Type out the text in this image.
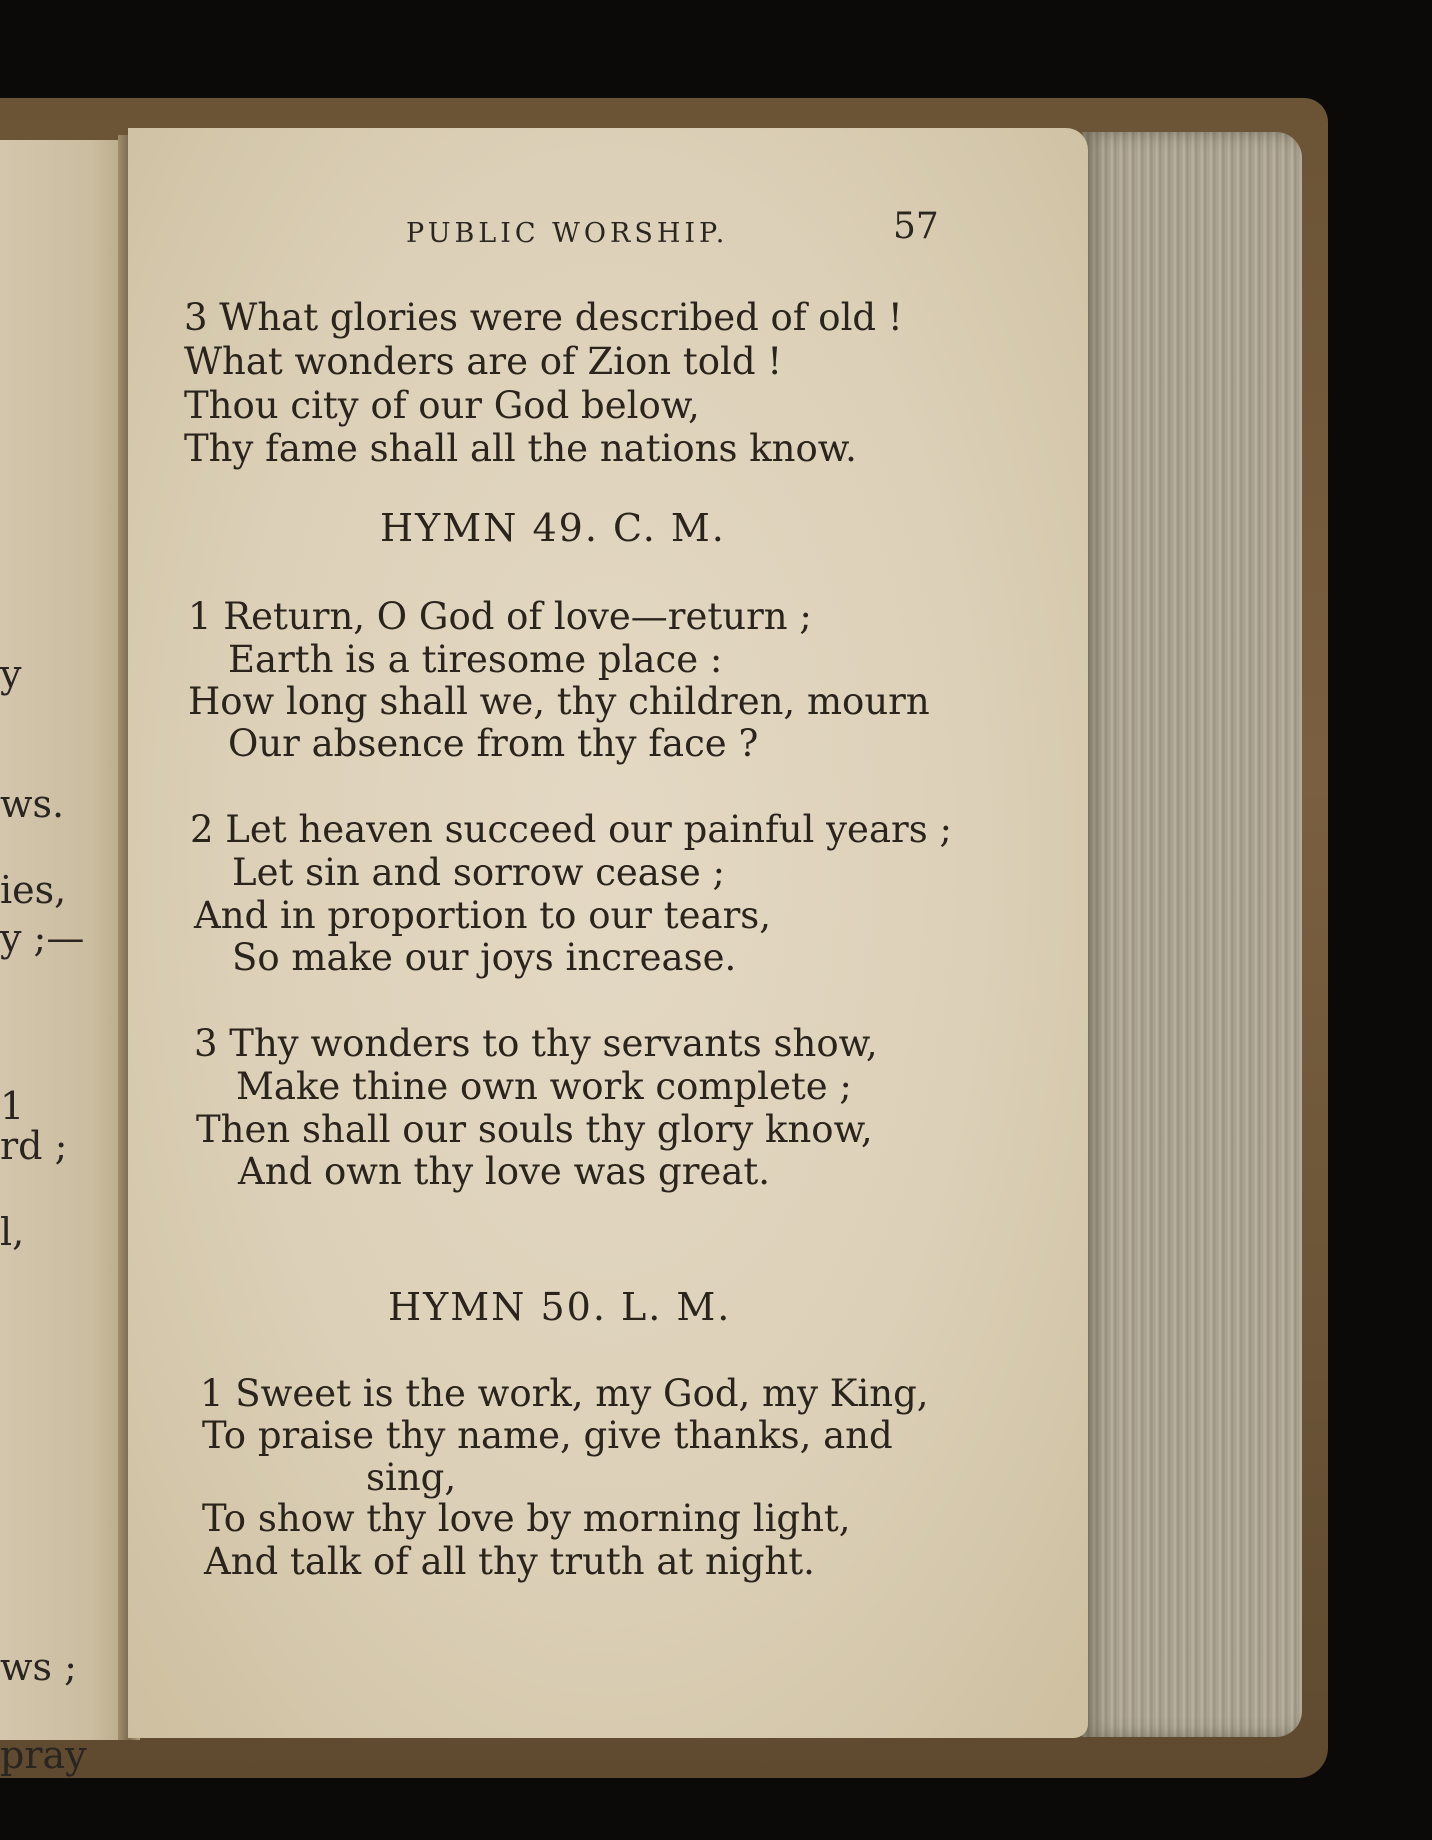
y
ws.
ies,
y ;—
1
rd ;
l,
ws ;
pray
PUBLIC WORSHIP.	57
3 What glories were described of old !
What wonders are of Zion told !
Thou city of our God below,
Thy fame shall all the nations know.
HYMN 49. C. M.
1 Return, O God of love—return ;
Earth is a tiresome place :
How long shall we, thy children, mourn
Our absence from thy face ?
2 Let heaven succeed our painful years ;
Let sin and sorrow cease ;
And in proportion to our tears,
So make our joys increase.
3 Thy wonders to thy servants show,
Make thine own work complete ;
Then shall our souls thy glory know,
And own thy love was great.
HYMN 50. L. M.
1 Sweet is the work, my God, my King,
To praise thy name, give thanks, and
sing,
To show thy love by morning light,
And talk of all thy truth at night.
